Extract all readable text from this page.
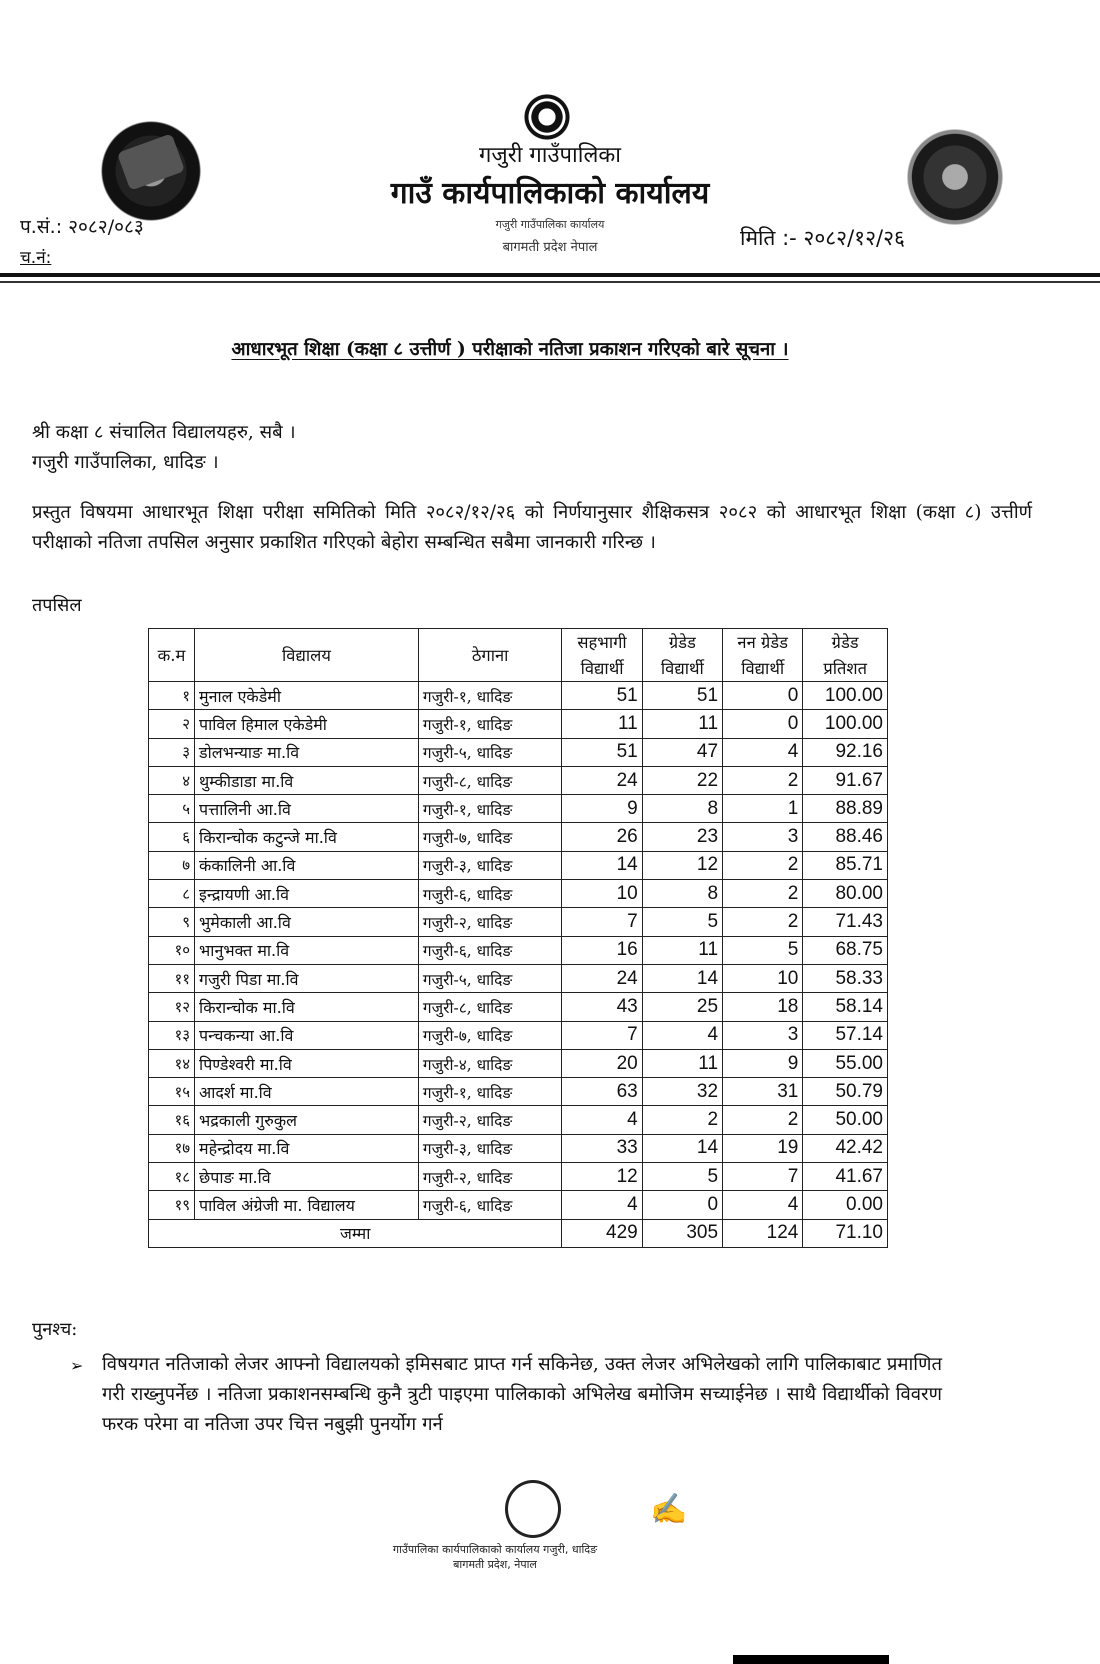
गजुरी गाउँपालिका
गाउँ कार्यपालिकाको कार्यालय
गजुरी गाउँपालिका कार्यालय
बागमती प्रदेश नेपाल
प.सं.: २०८२/०८३
च.नं:
मिति :- २०८२/१२/२६
आधारभूत शिक्षा (कक्षा ८ उत्तीर्ण ) परीक्षाको नतिजा प्रकाशन गरिएको बारे सूचना ।
श्री कक्षा ८ संचालित विद्यालयहरु, सबै ।
गजुरी गाउँपालिका, धादिङ ।
प्रस्तुत विषयमा आधारभूत शिक्षा परीक्षा समितिको मिति २०८२/१२/२६ को निर्णयानुसार शैक्षिकसत्र २०८२ को आधारभूत शिक्षा (कक्षा ८) उत्तीर्ण परीक्षाको नतिजा तपसिल अनुसार प्रकाशित गरिएको बेहोरा सम्बन्धित सबैमा जानकारी गरिन्छ ।
तपसिल
क.म	विद्यालय	ठेगाना	सहभागी	ग्रेडेड	नन ग्रेडेड	ग्रेडेड
			विद्यार्थी	विद्यार्थी	विद्यार्थी	प्रतिशत
१	मुनाल एकेडेमी	गजुरी-१, धादिङ	51	51	0	100.00
२	पाविल हिमाल एकेडेमी	गजुरी-१, धादिङ	11	11	0	100.00
३	डोलभन्याङ मा.वि	गजुरी-५, धादिङ	51	47	4	92.16
४	थुम्कीडाडा मा.वि	गजुरी-८, धादिङ	24	22	2	91.67
५	पत्तालिनी आ.वि	गजुरी-१, धादिङ	9	8	1	88.89
६	किरान्चोक कटुन्जे मा.वि	गजुरी-७, धादिङ	26	23	3	88.46
७	कंकालिनी आ.वि	गजुरी-३, धादिङ	14	12	2	85.71
८	इन्द्रायणी आ.वि	गजुरी-६, धादिङ	10	8	2	80.00
९	भुमेकाली आ.वि	गजुरी-२, धादिङ	7	5	2	71.43
१०	भानुभक्त मा.वि	गजुरी-६, धादिङ	16	11	5	68.75
११	गजुरी पिडा मा.वि	गजुरी-५, धादिङ	24	14	10	58.33
१२	किरान्चोक मा.वि	गजुरी-८, धादिङ	43	25	18	58.14
१३	पन्चकन्या आ.वि	गजुरी-७, धादिङ	7	4	3	57.14
१४	पिण्डेश्वरी मा.वि	गजुरी-४, धादिङ	20	11	9	55.00
१५	आदर्श मा.वि	गजुरी-१, धादिङ	63	32	31	50.79
१६	भद्रकाली गुरुकुल	गजुरी-२, धादिङ	4	2	2	50.00
१७	महेन्द्रोदय मा.वि	गजुरी-३, धादिङ	33	14	19	42.42
१८	छेपाङ मा.वि	गजुरी-२, धादिङ	12	5	7	41.67
१९	पाविल अंग्रेजी मा. विद्यालय	गजुरी-६, धादिङ	4	0	4	0.00
जम्मा			429	305	124	71.10
पुनश्च:
➢ विषयगत नतिजाको लेजर आफ्नो विद्यालयको इमिसबाट प्राप्त गर्न सकिनेछ, उक्त लेजर अभिलेखको लागि पालिकाबाट प्रमाणित गरी राख्नुपर्नेछ । नतिजा प्रकाशनसम्बन्धि कुनै त्रुटी पाइएमा पालिकाको अभिलेख बमोजिम सच्याईनेछ । साथै विद्यार्थीको विवरण फरक परेमा वा नतिजा उपर चित्त नबुझी पुनर्योग गर्न
गाउँपालिका कार्यपालिकाको कार्यालय गजुरी, धादिङ बागमती प्रदेश, नेपाल
✍
